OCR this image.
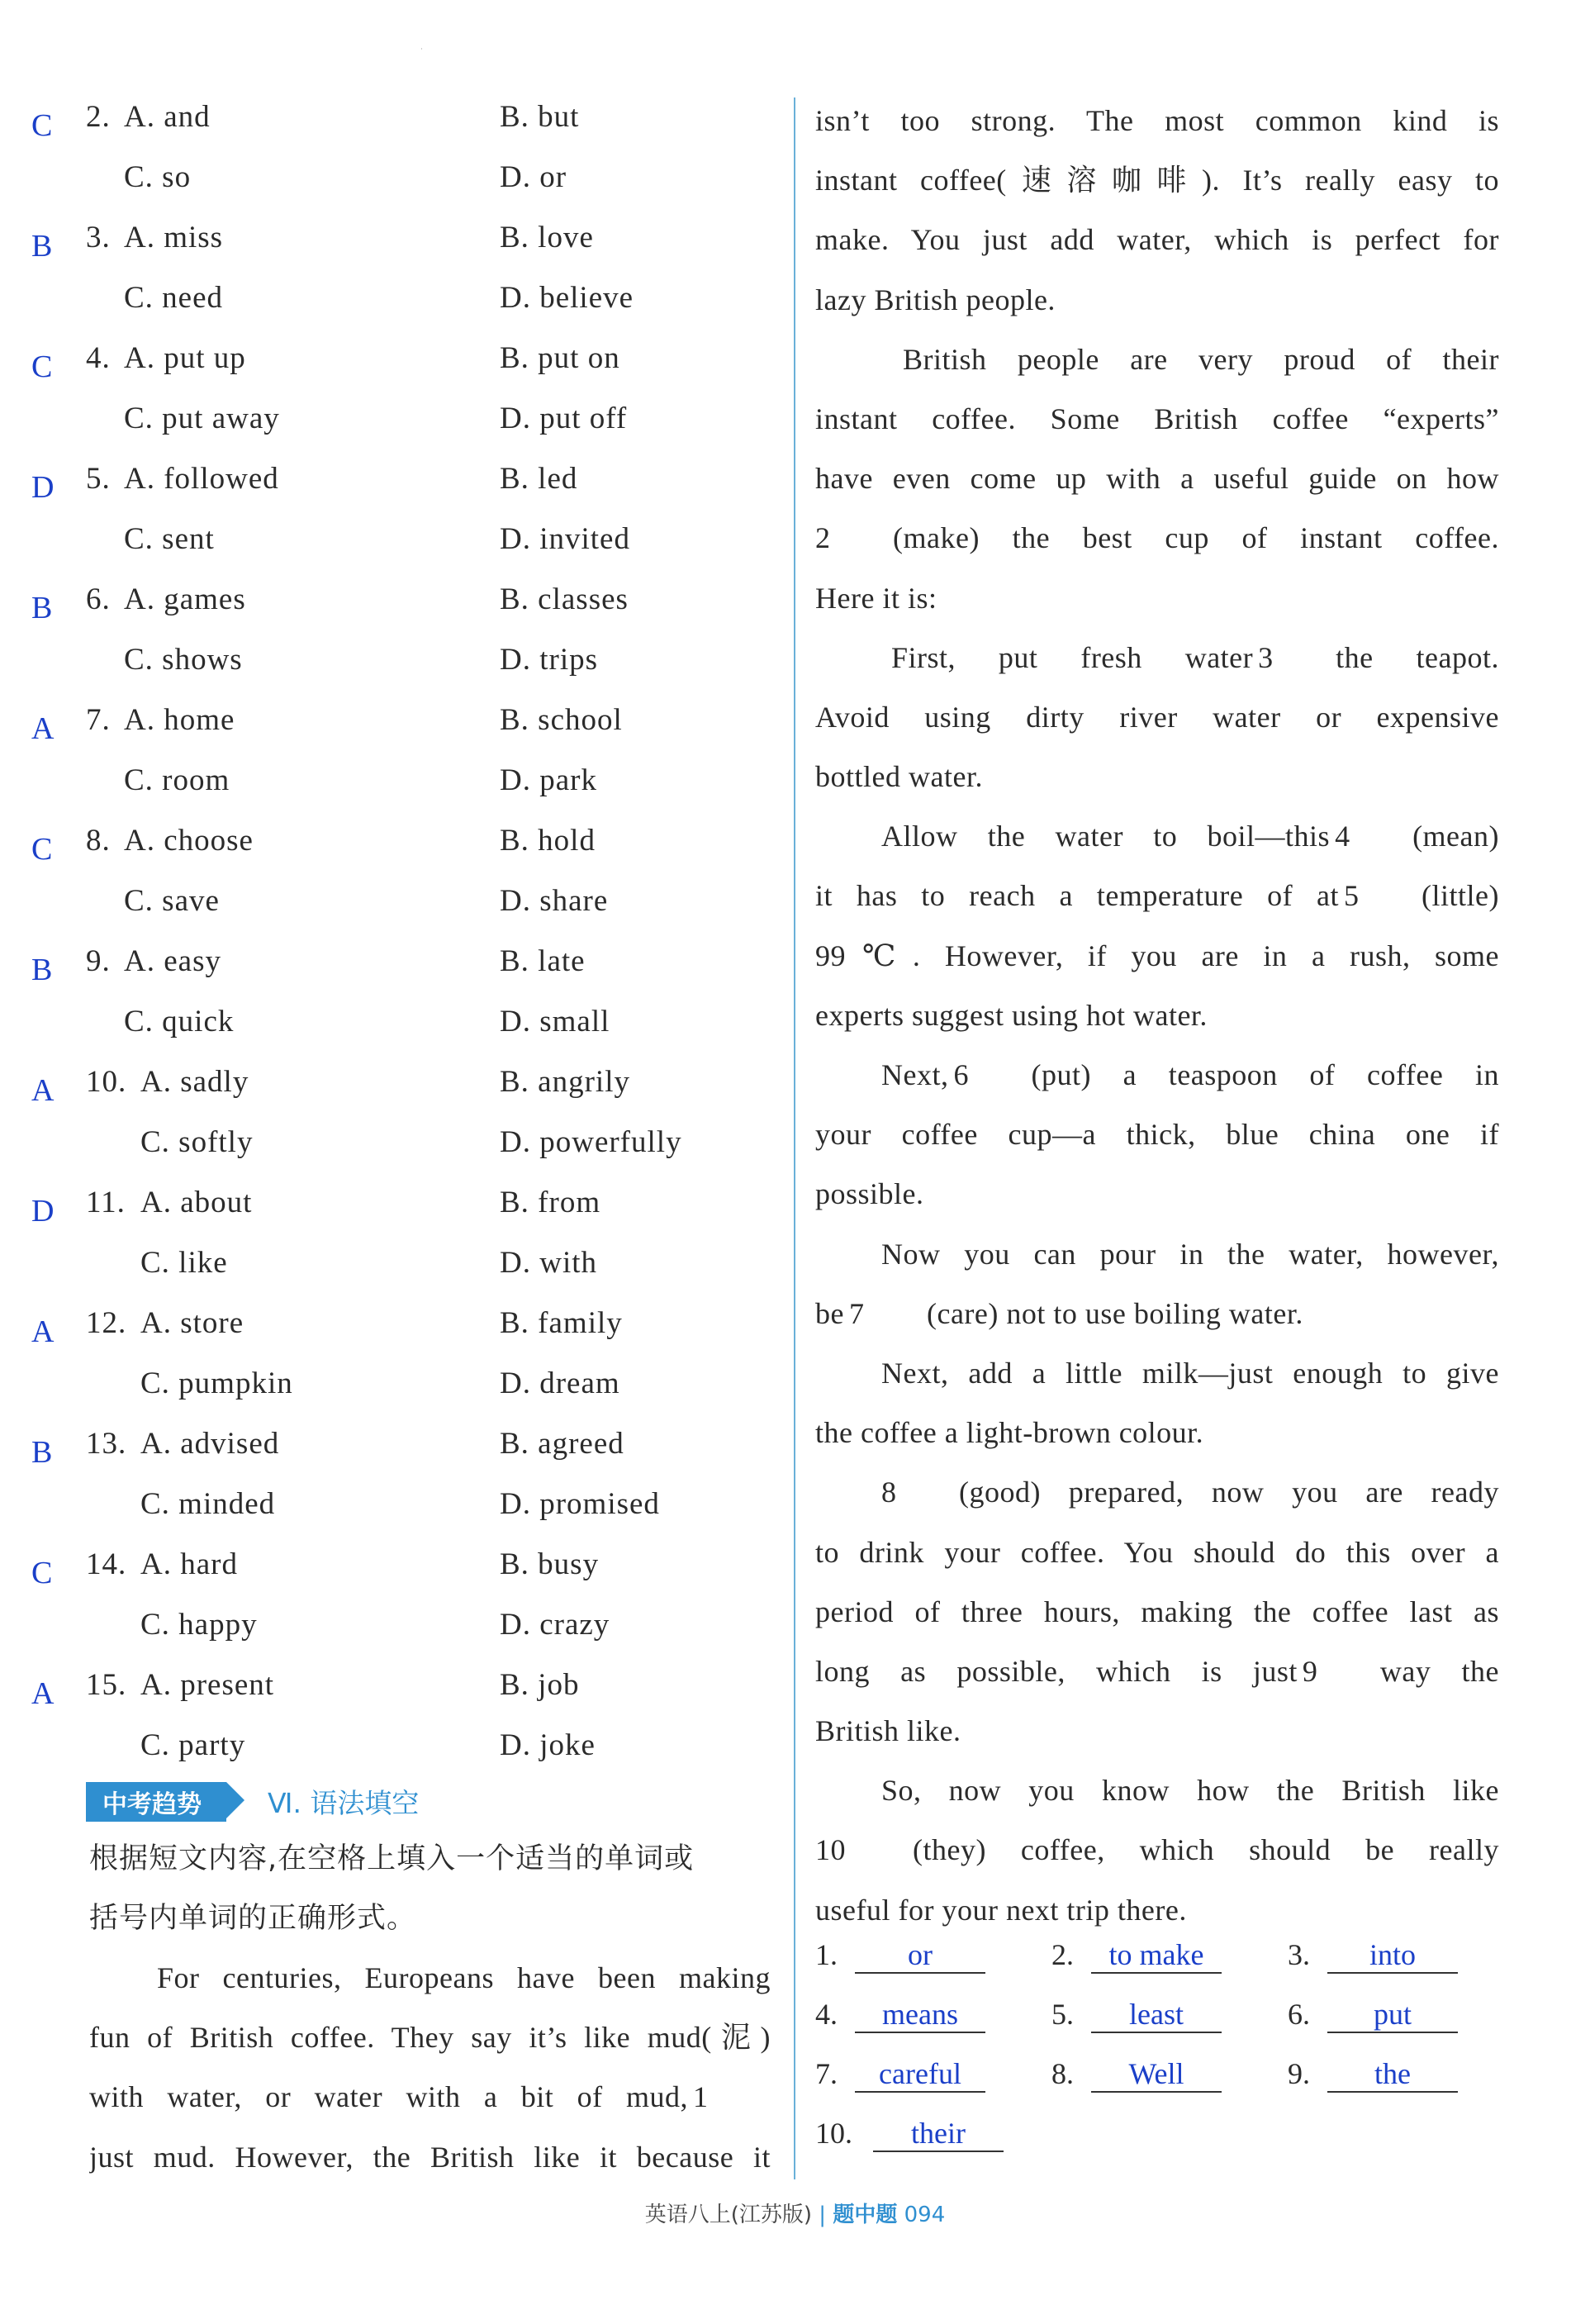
C 2. A. and	B. but
C. so	D. or
B 3. A. miss	B. love
C. need	D. believe
C 4. A. put up	B. put on
C. put away	D. put off
D 5. A. followed	B. led
C. sent	D. invited
B 6. A. games	B. classes
C. shows	D. trips
A 7. A. home	B. school
C. room	D. park
C 8. A. choose	B. hold
C. save	D. share
B 9. A. easy	B. late
C. quick	D. small
A 10. A. sadly	B. angrily
C. softly	D. powerfully
D 11. A. about	B. from
C. like	D. with
A 12. A. store	B. family
C. pumpkin	D. dream
B 13. A. advised	B. agreed
C. minded	D. promised
C 14. A. hard	B. busy
C. happy	D. crazy
A 15. A. present	B. job
C. party	D. joke
中考趋势 Ⅵ. 语法填空
根据短文内容,在空格上填入一个适当的单词或
括号内单词的正确形式。
For centuries, Europeans have been making
fun of British coffee. They say it’s like mud(泥)
with water, or water with a bit of mud, 1
just mud. However, the British like it because it
isn’t too strong. The most common kind is
instant coffee(速溶咖啡). It’s really easy to
make. You just add water, which is perfect for
lazy British people.
British people are very proud of their
instant coffee. Some British coffee “experts”
have even come up with a useful guide on how
2 (make) the best cup of instant coffee.
Here it is:
First, put fresh water 3 the teapot.
Avoid using dirty river water or expensive
bottled water.
Allow the water to boil—this 4 (mean)
it has to reach a temperature of at 5 (little)
99℃. However, if you are in a rush, some
experts suggest using hot water.
Next, 6 (put) a teaspoon of coffee in
your coffee cup—a thick, blue china one if
possible.
Now you can pour in the water, however,
be 7 (care) not to use boiling water.
Next, add a little milk—just enough to give
the coffee a light-brown colour.
8 (good) prepared, now you are ready
to drink your coffee. You should do this over a
period of three hours, making the coffee last as
long as possible, which is just 9 way the
British like.
So, now you know how the British like
10 (they) coffee, which should be really
useful for your next trip there.
1.	or	2.	to make	3.	into
4.	means	5.	least	6.	put
7.	careful	8.	Well	9.	the
10.	their
英语八上(江苏版) | 题中题 094
